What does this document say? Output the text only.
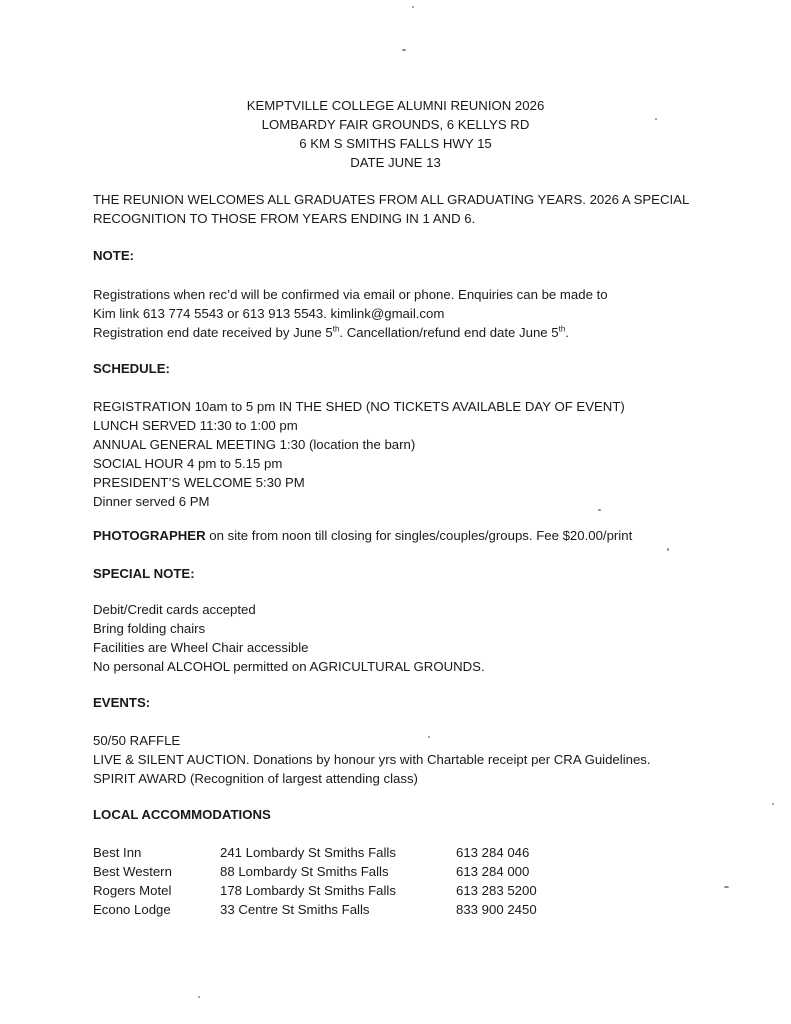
KEMPTVILLE COLLEGE ALUMNI REUNION 2026
LOMBARDY FAIR GROUNDS, 6 KELLYS RD
6 KM S SMITHS FALLS HWY 15
DATE JUNE 13
THE REUNION WELCOMES ALL GRADUATES FROM ALL GRADUATING YEARS. 2026 A SPECIAL
RECOGNITION TO THOSE FROM YEARS ENDING IN 1 AND 6.
NOTE:
Registrations when rec’d will be confirmed via email or phone. Enquiries can be made to
Kim link 613 774 5543 or 613 913 5543. kimlink@gmail.com
Registration end date received by June 5th. Cancellation/refund end date June 5th.
SCHEDULE:
REGISTRATION 10am to 5 pm IN THE SHED (NO TICKETS AVAILABLE DAY OF EVENT)
LUNCH SERVED 11:30 to 1:00 pm
ANNUAL GENERAL MEETING 1:30 (location the barn)
SOCIAL HOUR 4 pm to 5.15 pm
PRESIDENT’S WELCOME 5:30 PM
Dinner served 6 PM
PHOTOGRAPHER on site from noon till closing for singles/couples/groups. Fee $20.00/print
SPECIAL NOTE:
Debit/Credit cards accepted
Bring folding chairs
Facilities are Wheel Chair accessible
No personal ALCOHOL permitted on AGRICULTURAL GROUNDS.
EVENTS:
50/50 RAFFLE
LIVE & SILENT AUCTION. Donations by honour yrs with Chartable receipt per CRA Guidelines.
SPIRIT AWARD (Recognition of largest attending class)
LOCAL ACCOMMODATIONS
Best Inn	241 Lombardy St Smiths Falls	613 284 046
Best Western	88 Lombardy St Smiths Falls	613 284 000
Rogers Motel	178 Lombardy St Smiths Falls	613 283 5200
Econo Lodge	33 Centre St Smiths Falls	833 900 2450
